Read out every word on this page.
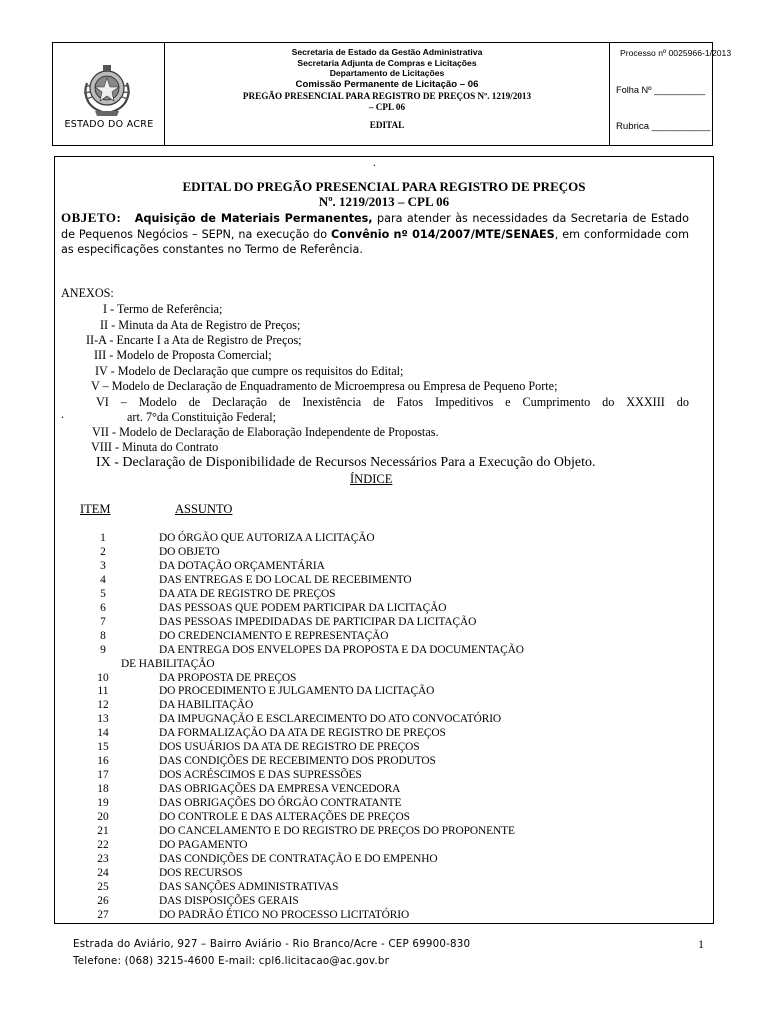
ESTADO DO ACRE
Secretaria de Estado da Gestão Administrativa
Secretaria Adjunta de Compras e Licitações
Departamento de Licitações
Comissão Permanente de Licitação – 06
PREGÃO PRESENCIAL PARA REGISTRO DE PREÇOS Nº. 1219/2013
– CPL 06
EDITAL
Processo nº 0025966-1/2013
Folha Nº __________
Rubrica ___________
.
EDITAL DO PREGÃO PRESENCIAL PARA REGISTRO DE PREÇOS
Nº. 1219/2013 – CPL 06
OBJETO: Aquisição de Materiais Permanentes, para atender às necessidades da Secretaria de Estado de Pequenos Negócios – SEPN, na execução do Convênio nº 014/2007/MTE/SENAES, em conformidade com as especificações constantes no Termo de Referência.
ANEXOS:
I - Termo de Referência;
II - Minuta da Ata de Registro de Preços;
II-A - Encarte I a Ata de Registro de Preços;
III - Modelo de Proposta Comercial;
IV - Modelo de Declaração que cumpre os requisitos do Edital;
V – Modelo de Declaração de Enquadramento de Microempresa ou Empresa de Pequeno Porte;
VI – Modelo de Declaração de Inexistência de Fatos Impeditivos e Cumprimento do XXXIII do
.	art. 7°da Constituição Federal;
VII - Modelo de Declaração de Elaboração Independente de Propostas.
VIII - Minuta do Contrato
IX - Declaração de Disponibilidade de Recursos Necessários Para a Execução do Objeto.
ÍNDICE
ITEM	ASSUNTO
1	DO ÓRGÃO QUE AUTORIZA A LICITAÇÃO
2	DO OBJETO
3	DA DOTAÇÃO ORÇAMENTÁRIA
4	DAS ENTREGAS E DO LOCAL DE RECEBIMENTO
5	DA ATA DE REGISTRO DE PREÇOS
6	DAS PESSOAS QUE PODEM PARTICIPAR DA LICITAÇÃO
7	DAS PESSOAS IMPEDIDADAS DE PARTICIPAR DA LICITAÇÃO
8	DO CREDENCIAMENTO E REPRESENTAÇÃO
9	DA ENTREGA DOS ENVELOPES DA PROPOSTA E DA DOCUMENTAÇÃO
DE HABILITAÇÃO
10	DA PROPOSTA DE PREÇOS
11	DO PROCEDIMENTO E JULGAMENTO DA LICITAÇÃO
12	DA HABILITAÇÃO
13	DA IMPUGNAÇÃO E ESCLARECIMENTO DO ATO CONVOCATÓRIO
14	DA FORMALIZAÇÃO DA ATA DE REGISTRO DE PREÇOS
15	DOS USUÁRIOS DA ATA DE REGISTRO DE PREÇOS
16	DAS CONDIÇÕES DE RECEBIMENTO DOS PRODUTOS
17	DOS ACRÉSCIMOS E DAS SUPRESSÕES
18	DAS OBRIGAÇÕES DA EMPRESA VENCEDORA
19	DAS OBRIGAÇÕES DO ÓRGÃO CONTRATANTE
20	DO CONTROLE E DAS ALTERAÇÕES DE PREÇOS
21	DO CANCELAMENTO E DO REGISTRO DE PREÇOS DO PROPONENTE
22	DO PAGAMENTO
23	DAS CONDIÇÕES DE CONTRATAÇÃO E DO EMPENHO
24	DOS RECURSOS
25	DAS SANÇÕES ADMINISTRATIVAS
26	DAS DISPOSIÇÕES GERAIS
27	DO PADRÃO ÉTICO NO PROCESSO LICITATÓRIO
Estrada do Aviário, 927 – Bairro Aviário - Rio Branco/Acre - CEP 69900-830
Telefone: (068) 3215-4600 E-mail: cpl6.licitacao@ac.gov.br
1
